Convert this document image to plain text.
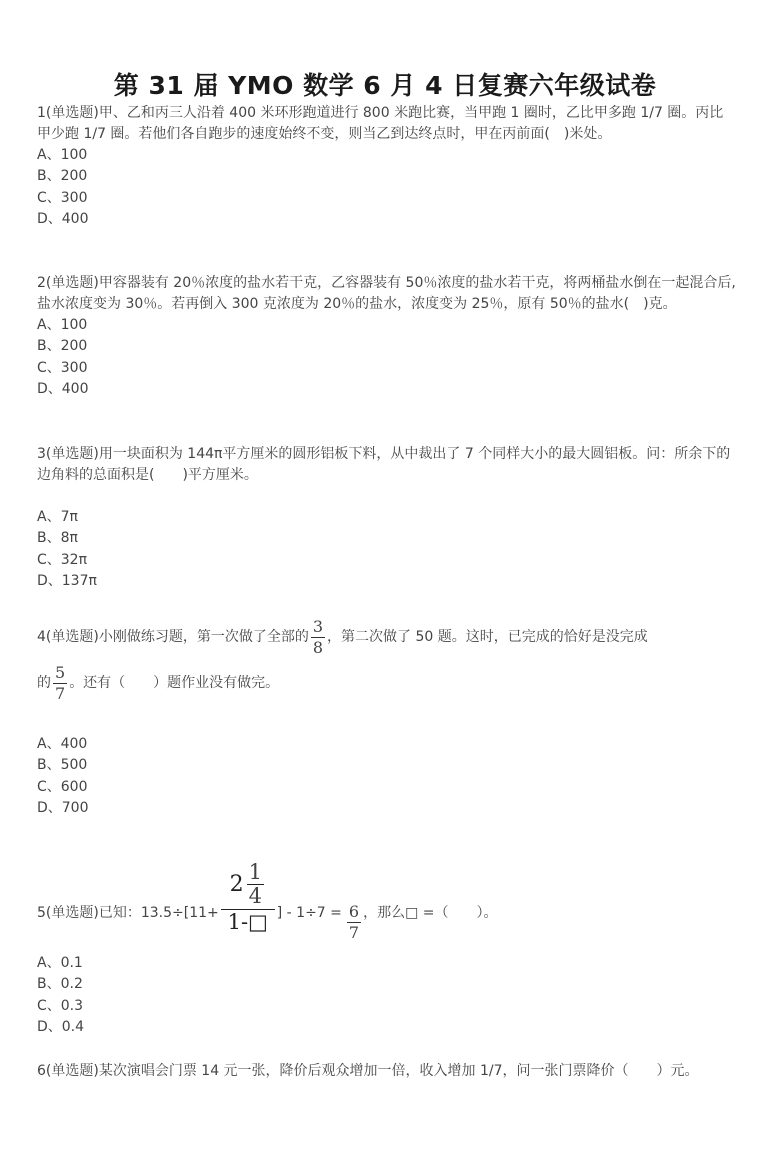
第 31 届 YMO 数学 6 月 4 日复赛六年级试卷

1(单选题)甲、乙和丙三人沿着 400 米环形跑道进行 800 米跑比赛，当甲跑 1 圈时，乙比甲多跑 1/7 圈。丙比甲少跑 1/7 圈。若他们各自跑步的速度始终不变，则当乙到达终点时，甲在丙前面(　)米处。

A、100

B、200

C、300

D、400

2(单选题)甲容器装有 20％浓度的盐水若干克，乙容器装有 50％浓度的盐水若干克，将两桶盐水倒在一起混合后,盐水浓度变为 30％。若再倒入 300 克浓度为 20％的盐水，浓度变为 25％，原有 50％的盐水(　)克。

A、100

B、200

C、300

D、400

3(单选题)用一块面积为 144π平方厘米的圆形铝板下料，从中裁出了 7 个同样大小的最大圆铝板。问：所余下的边角料的总面积是(　　)平方厘米。

A、7π

B、8π

C、32π

D、137π

4(单选题)小刚做练习题，第一次做了全部的 $\frac{3}{8}$ ，第二次做了 50 题。这时，已完成的恰好是没完成
的 $\frac{5}{7}$ 。还有（　　）题作业没有做完。

A、400

B、500

C、600

D、700

5(单选题)已知：13.5÷[11+
$2 \frac{1}{4}$
1-□ ] - $1\div 7 = \frac{6}{7}$ ，那么□ =（　　）。

A、0.1

B、0.2

C、0.3

D、0.4

6(单选题)某次演唱会门票 14 元一张，降价后观众增加一倍，收入增加 1/7，问一张门票降价（　　）元。
